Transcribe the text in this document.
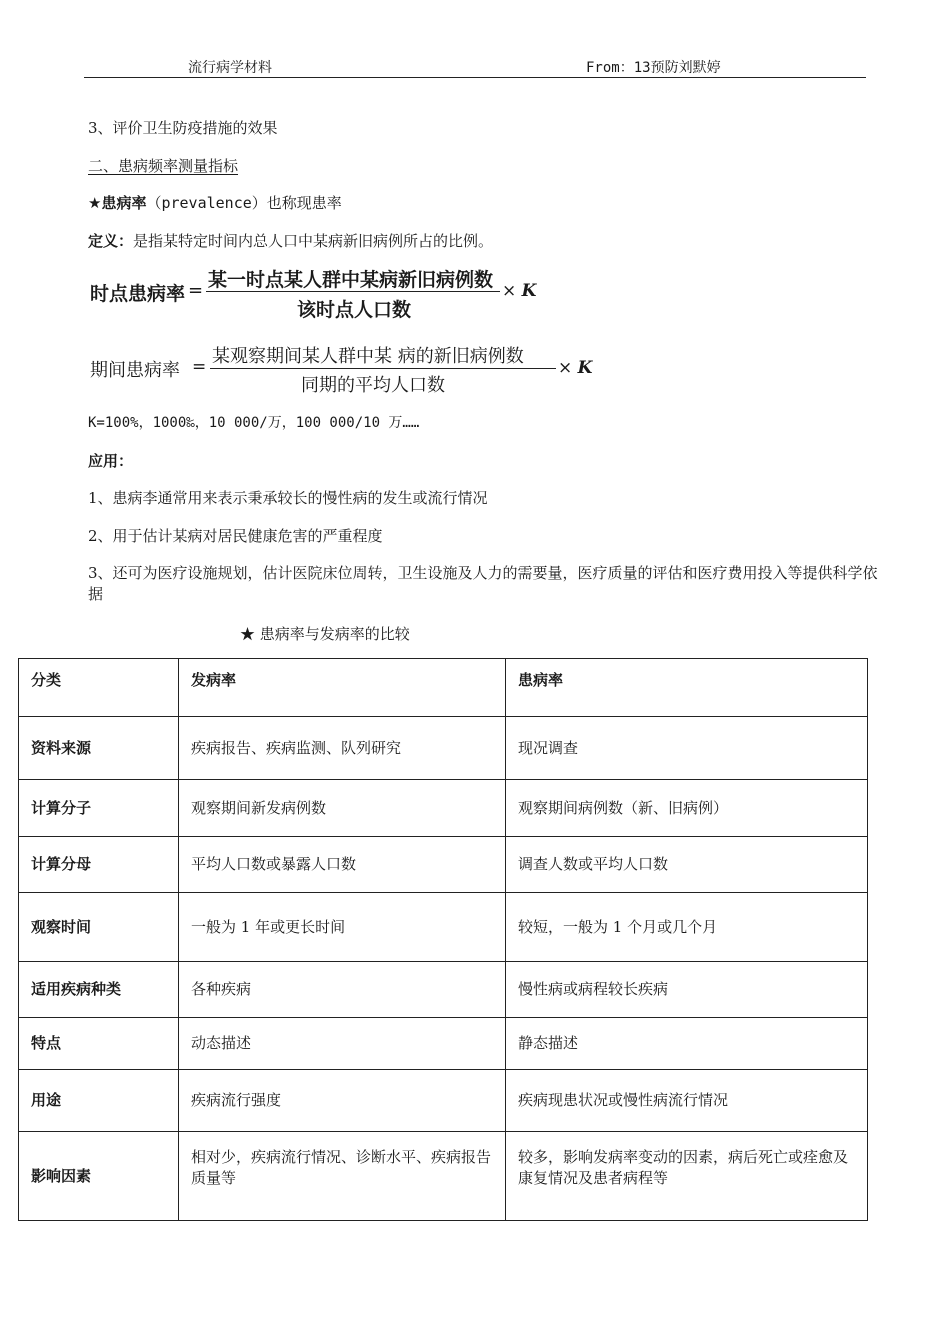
流行病学材料	From：13预防刘默婷
3、评价卫生防疫措施的效果
二、患病频率测量指标
★患病率（prevalence）也称现患率
定义：是指某特定时间内总人口中某病新旧病例所占的比例。
时点患病率 = 某一时点某人群中某病新旧病例数
该时点人口数
× K
期间患病率 = 某观察期间某人群中某 病的新旧病例数
同期的平均人口数
× K
K=100%，1000‰，10 000/万，100 000/10 万……
应用：
1、患病李通常用来表示秉承较长的慢性病的发生或流行情况
2、用于估计某病对居民健康危害的严重程度
3、还可为医疗设施规划，估计医院床位周转，卫生设施及人力的需要量，医疗质量的评估和医疗费用投入等提供科学依据
★ 患病率与发病率的比较
分类	发病率	患病率
资料来源	疾病报告、疾病监测、队列研究	现况调查
计算分子	观察期间新发病例数	观察期间病例数（新、旧病例）
计算分母	平均人口数或暴露人口数	调查人数或平均人口数
观察时间	一般为 1 年或更长时间	较短，一般为 1 个月或几个月
适用疾病种类	各种疾病	慢性病或病程较长疾病
特点	动态描述	静态描述
用途	疾病流行强度	疾病现患状况或慢性病流行情况
影响因素	相对少，疾病流行情况、诊断水平、疾病报告质量等	较多，影响发病率变动的因素，病后死亡或痊愈及康复情况及患者病程等
